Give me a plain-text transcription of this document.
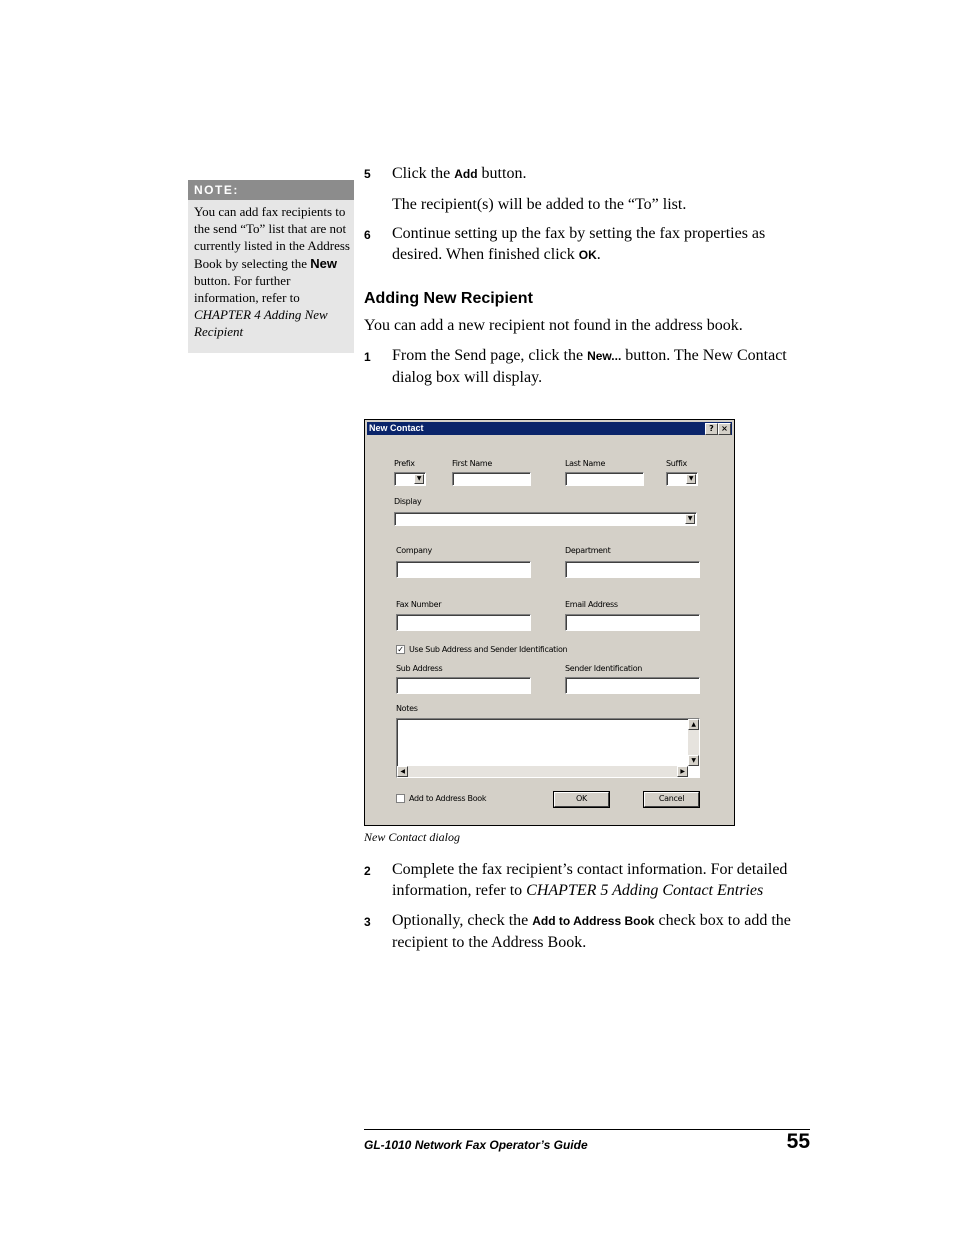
NOTE:
You can add fax recipients to the send “To” list that are not currently listed in the Address Book by selecting the New button. For further information, refer to CHAPTER 4 Adding New Recipient
5 Click the Add button.
The recipient(s) will be added to the “To” list.
6 Continue setting up the fax by setting the fax properties as desired. When finished click OK.
Adding New Recipient
You can add a new recipient not found in the address book.
1 From the Send page, click the New... button. The New Contact dialog box will display.
New Contact	? ×
Prefix	First Name	Last Name	Suffix
▼	▼
Display
▼
Company	Department
Fax Number	Email Address
✓ Use Sub Address and Sender Identification
Sub Address	Sender Identification
Notes
▲
▼
◀	▶
Add to Address Book	OK	Cancel
New Contact dialog
2 Complete the fax recipient’s contact information. For detailed information, refer to CHAPTER 5 Adding Contact Entries
3 Optionally, check the Add to Address Book check box to add the recipient to the Address Book.
GL-1010 Network Fax Operator’s Guide	55
